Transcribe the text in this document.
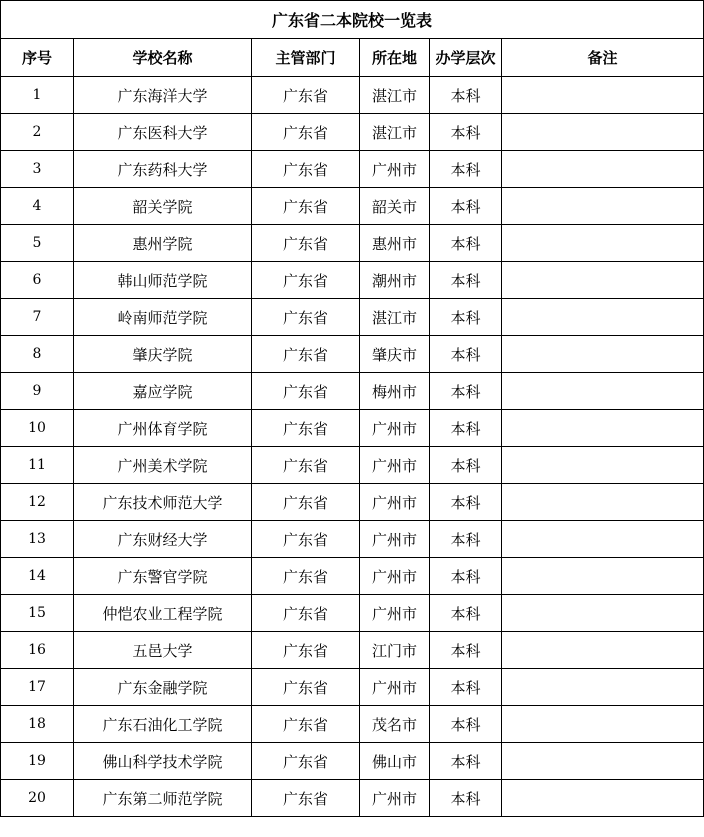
广东省二本院校一览表					
序号	学校名称	主管部门	所在地	办学层次	备注
1	广东海洋大学	广东省	湛江市	本科	
2	广东医科大学	广东省	湛江市	本科	
3	广东药科大学	广东省	广州市	本科	
4	韶关学院	广东省	韶关市	本科	
5	惠州学院	广东省	惠州市	本科	
6	韩山师范学院	广东省	潮州市	本科	
7	岭南师范学院	广东省	湛江市	本科	
8	肇庆学院	广东省	肇庆市	本科	
9	嘉应学院	广东省	梅州市	本科	
10	广州体育学院	广东省	广州市	本科	
11	广州美术学院	广东省	广州市	本科	
12	广东技术师范大学	广东省	广州市	本科	
13	广东财经大学	广东省	广州市	本科	
14	广东警官学院	广东省	广州市	本科	
15	仲恺农业工程学院	广东省	广州市	本科	
16	五邑大学	广东省	江门市	本科	
17	广东金融学院	广东省	广州市	本科	
18	广东石油化工学院	广东省	茂名市	本科	
19	佛山科学技术学院	广东省	佛山市	本科	
20	广东第二师范学院	广东省	广州市	本科	
